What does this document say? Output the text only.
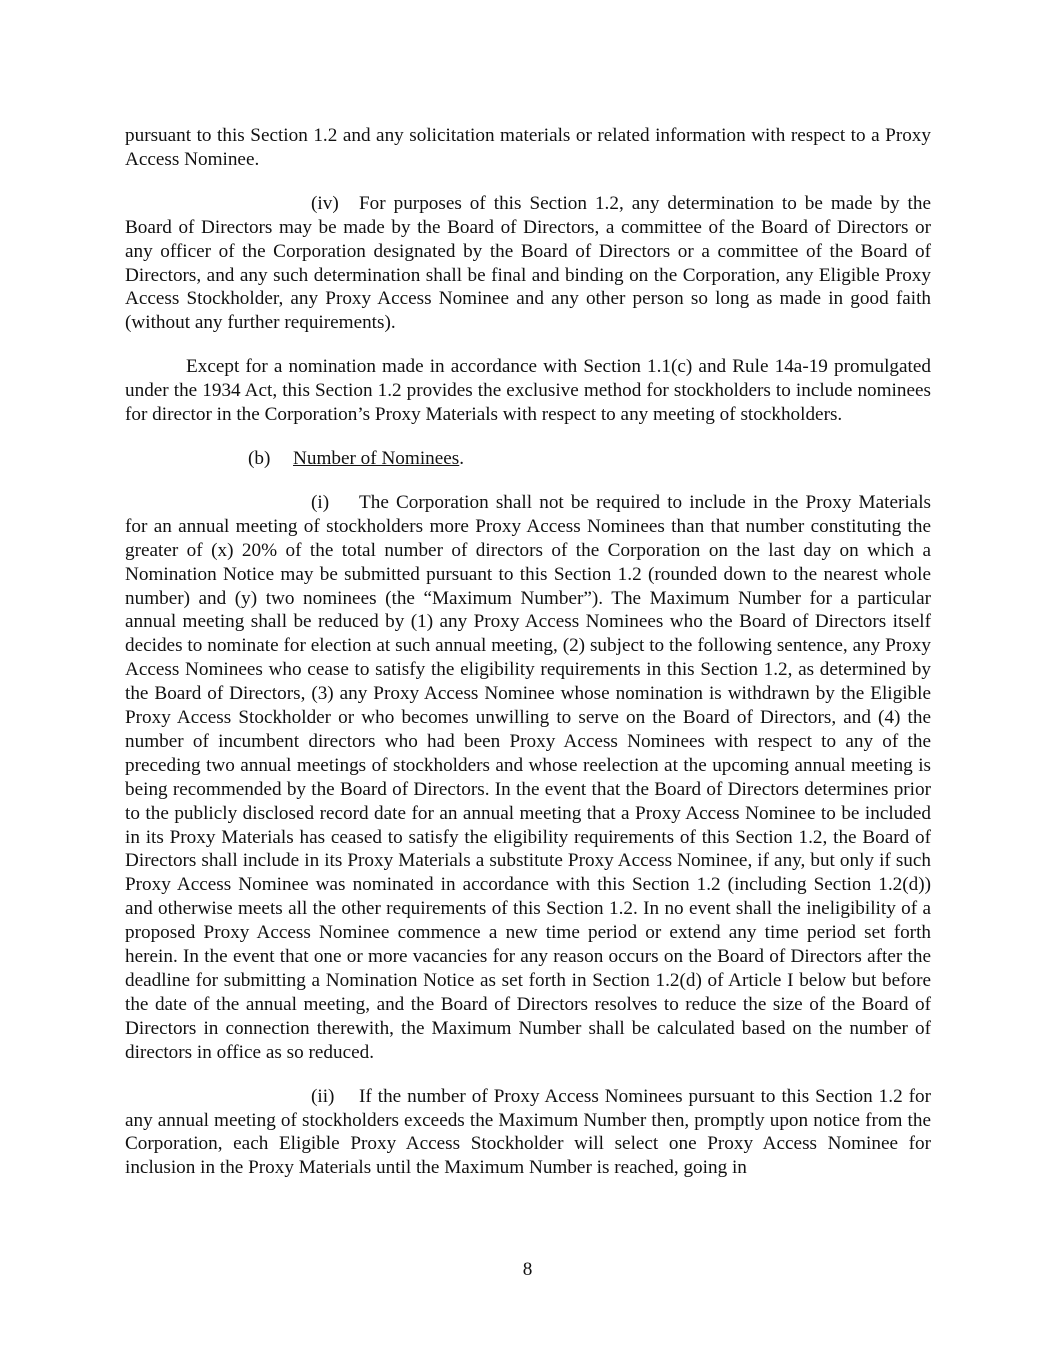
pursuant to this Section 1.2 and any solicitation materials or related information with respect to a Proxy Access Nominee.

(iv) For purposes of this Section 1.2, any determination to be made by the Board of Directors may be made by the Board of Directors, a committee of the Board of Directors or any officer of the Corporation designated by the Board of Directors or a committee of the Board of Directors, and any such determination shall be final and binding on the Corporation, any Eligible Proxy Access Stockholder, any Proxy Access Nominee and any other person so long as made in good faith (without any further requirements).

Except for a nomination made in accordance with Section 1.1(c) and Rule 14a-19 promulgated under the 1934 Act, this Section 1.2 provides the exclusive method for stockholders to include nominees for director in the Corporation’s Proxy Materials with respect to any meeting of stockholders.

(b) Number of Nominees.

(i) The Corporation shall not be required to include in the Proxy Materials for an annual meeting of stockholders more Proxy Access Nominees than that number constituting the greater of (x) 20% of the total number of directors of the Corporation on the last day on which a Nomination Notice may be submitted pursuant to this Section 1.2 (rounded down to the nearest whole number) and (y) two nominees (the “Maximum Number”). The Maximum Number for a particular annual meeting shall be reduced by (1) any Proxy Access Nominees who the Board of Directors itself decides to nominate for election at such annual meeting, (2) subject to the following sentence, any Proxy Access Nominees who cease to satisfy the eligibility requirements in this Section 1.2, as determined by the Board of Directors, (3) any Proxy Access Nominee whose nomination is withdrawn by the Eligible Proxy Access Stockholder or who becomes unwilling to serve on the Board of Directors, and (4) the number of incumbent directors who had been Proxy Access Nominees with respect to any of the preceding two annual meetings of stockholders and whose reelection at the upcoming annual meeting is being recommended by the Board of Directors. In the event that the Board of Directors determines prior to the publicly disclosed record date for an annual meeting that a Proxy Access Nominee to be included in its Proxy Materials has ceased to satisfy the eligibility requirements of this Section 1.2, the Board of Directors shall include in its Proxy Materials a substitute Proxy Access Nominee, if any, but only if such Proxy Access Nominee was nominated in accordance with this Section 1.2 (including Section 1.2(d)) and otherwise meets all the other requirements of this Section 1.2. In no event shall the ineligibility of a proposed Proxy Access Nominee commence a new time period or extend any time period set forth herein. In the event that one or more vacancies for any reason occurs on the Board of Directors after the deadline for submitting a Nomination Notice as set forth in Section 1.2(d) of Article I below but before the date of the annual meeting, and the Board of Directors resolves to reduce the size of the Board of Directors in connection therewith, the Maximum Number shall be calculated based on the number of directors in office as so reduced.

(ii) If the number of Proxy Access Nominees pursuant to this Section 1.2 for any annual meeting of stockholders exceeds the Maximum Number then, promptly upon notice from the Corporation, each Eligible Proxy Access Stockholder will select one Proxy Access Nominee for inclusion in the Proxy Materials until the Maximum Number is reached, going in

8
